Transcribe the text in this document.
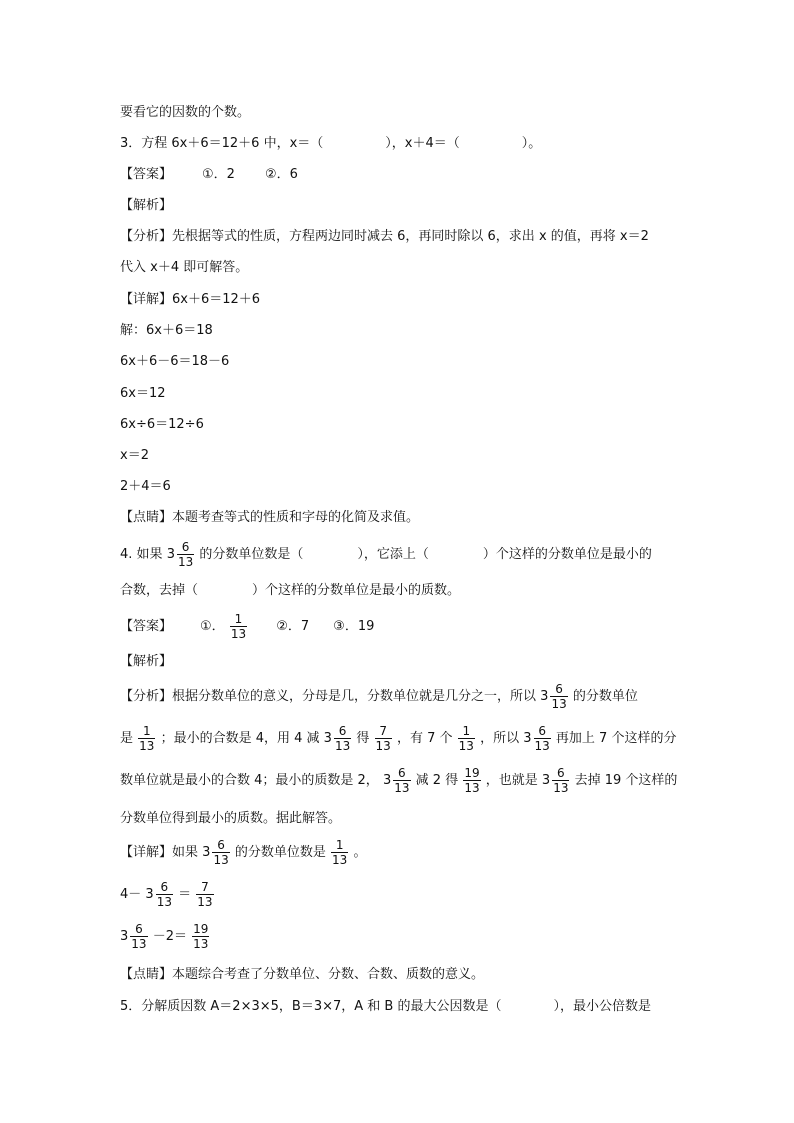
要看它的因数的个数。
3．方程 6x＋6＝12＋6 中，x＝（	），x＋4＝（	）。
【答案】 ①．2 ②．6
【解析】
【分析】先根据等式的性质，方程两边同时减去 6，再同时除以 6，求出 x 的值，再将 x＝2
代入 x＋4 即可解答。
【详解】6x＋6＝12＋6
解：6x＋6＝18
6x＋6－6＝18－6
6x＝12
6x÷6＝12÷6
x＝2
2＋4＝6
【点睛】本题考查等式的性质和字母的化简及求值。
4. 如果 $3 \frac{6}{13}$ 的分数单位数是（	），它添上（	）个这样的分数单位是最小的
合数，去掉（	）个这样的分数单位是最小的质数。
【答案】 ①． $\frac{1}{13}$ ②．7 ③．19
【解析】
【分析】根据分数单位的意义，分母是几，分数单位就是几分之一，所以 $3 \frac{6}{13}$ 的分数单位
是 $\frac{1}{13}$ ；最小的合数是 4，用 4 减 $3 \frac{6}{13}$ 得 $\frac{7}{13}$ ，有 7 个 $\frac{1}{13}$ ，所以 $3 \frac{6}{13}$ 再加上 7 个这样的分
数单位就是最小的合数 4；最小的质数是 2， $3 \frac{6}{13}$ 减 2 得 $\frac{19}{13}$ ，也就是 $3 \frac{6}{13}$ 去掉 19 个这样的
分数单位得到最小的质数。据此解答。
【详解】如果 $3 \frac{6}{13}$ 的分数单位数是 $\frac{1}{13}$ 。
$4- 3 \frac{6}{13} = \frac{7}{13}$
$3 \frac{6}{13} -2= \frac{19}{13}$
【点睛】本题综合考查了分数单位、分数、合数、质数的意义。
5．分解质因数 A＝2×3×5，B＝3×7，A 和 B 的最大公因数是（	），最小公倍数是
